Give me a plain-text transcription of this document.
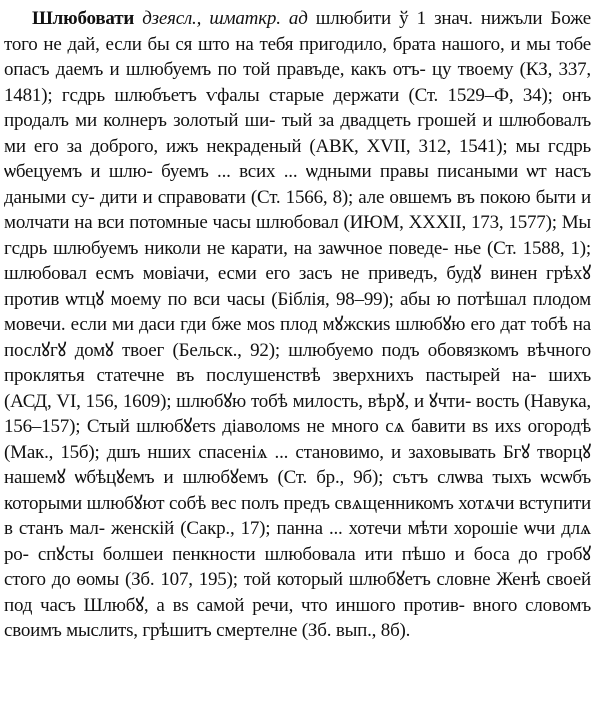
Шлюбовати дзеясл., шматкр. ад шлюбити ў 1 знач. нижъли Боже того не дай, если бы ся што на тебя пригодило, брата нашого, и мы тобе опасъ даемъ и шлюбуемъ по той правъде, какъ отъ- цу твоему (КЗ, 337, 1481); гсдрь шлюбъетъ ѵфалы старые держати (Ст. 1529–Ф, 34); онъ продалъ ми колнеръ золотый ши- тый за двадцеть грошей и шлюбовалъ ми его за доброго, ижъ некраденый (АВК, XVII, 312, 1541); мы гсдрь ѡбецуемъ и шлю- буемъ ... всих ... ѡдными правы писаными ѡт насъ даными су- дити и справовати (Ст. 1566, 8); але овшемъ въ покою быти и молчати на вси потомные часы шлюбовал (ИЮМ, XXXII, 173, 1577); Мы гсдрь шлюбуемъ николи не карати, на заѡчное поведе- нье (Ст. 1588, 1); шлюбовал есмъ мовіачи, есми его засъ не приведъ, будꙋ винен грѣхꙋ против ѡтцꙋ моему по вси часы (Біблія, 98–99); абы ю потѣшал плодом мовечи. если ми даси гди бже моѕ плод мꙋжскиѕ шлюбꙋю его дат тобѣ на послꙋгꙋ домꙋ твоег (Бельск., 92); шлюбуемо подъ обовязкомъ вѣчного проклятья статечне въ послушенствѣ зверхнихъ пастырей на- шихъ (АСД, VI, 156, 1609); шлюбꙋю тобѣ милость, вѣрꙋ, и ꙋчти- вость (Навука, 156–157); Стый шлюбꙋетѕ діаволомѕ не много сѧ бавити вѕ ихѕ огородѣ (Мак., 15б); дшъ нших спасеніѧ ... становимо, и заховывать Бгꙋ творцꙋ нашемꙋ ѡбѣцꙋемъ и шлюбꙋемъ (Ст. бр., 9б); сътъ слѡва тыхъ ѡсѡбъ которыми шлюбꙋют собѣ вес полъ предъ свѧщенникомъ хотѧчи вступити в станъ мал- женскій (Сакр., 17); панна ... хотечи мѣти хорошіе ѡчи длѧ ро- спꙋсты болшеи пенкности шлюбовала ити пѣшо и боса до гробꙋ стого до ѳомы (Зб. 107, 195); той который шлюбꙋетъ словне Женѣ своей под часъ Шлюбꙋ, а вѕ самой речи, что иншого против- вного словомъ своимъ мыслитѕ, грѣшитъ смертелне (Зб. вып., 8б).
